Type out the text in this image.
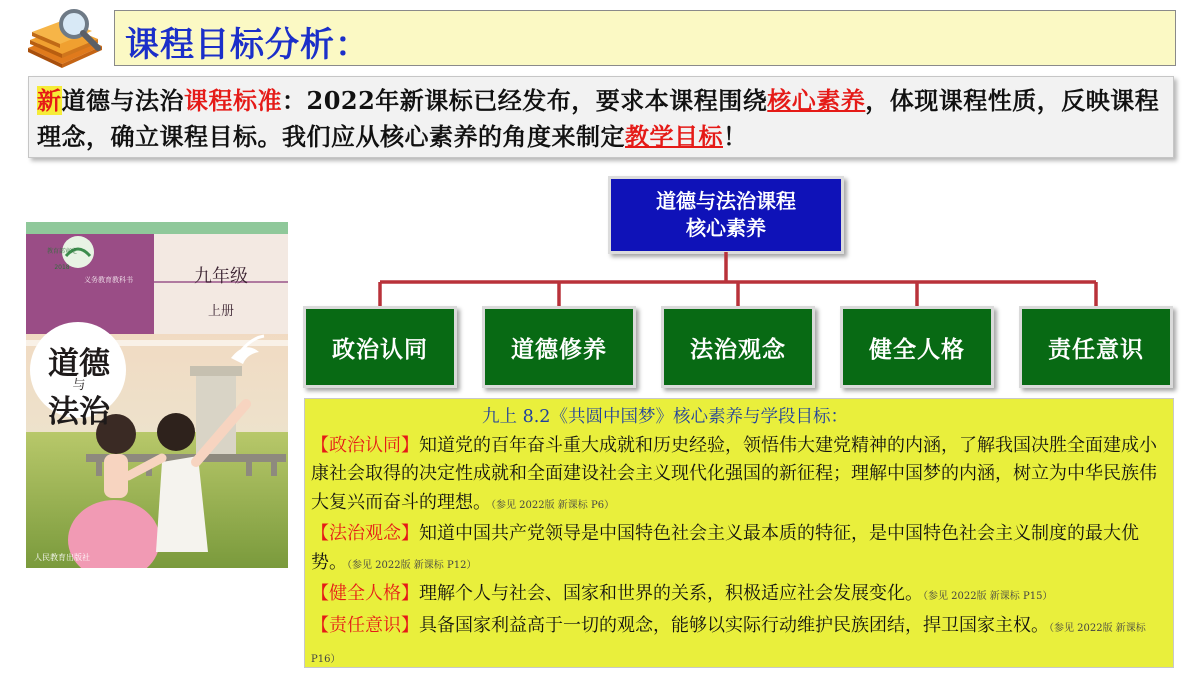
课程目标分析：
新道德与法治课程标准：2022年新课标已经发布，要求本课程围绕核心素养，体现课程性质，反映课程理念，确立课程目标。我们应从核心素养的角度来制定教学目标！
义务教育教科书
教育部审定
2018	九年级
上册
道德
与
法治
人民教育出版社
道德与法治课程
核心素养
政治认同	道德修养	法治观念	健全人格	责任意识
九上 8.2《共圆中国梦》核心素养与学段目标：
【政治认同】知道党的百年奋斗重大成就和历史经验，领悟伟大建党精神的内涵，了解我国决胜全面建成小康社会取得的决定性成就和全面建设社会主义现代化强国的新征程；理解中国梦的内涵，树立为中华民族伟大复兴而奋斗的理想。（参见 2022版 新课标 P6）
【法治观念】知道中国共产党领导是中国特色社会主义最本质的特征，是中国特色社会主义制度的最大优势。（参见 2022版 新课标 P12）
【健全人格】理解个人与社会、国家和世界的关系，积极适应社会发展变化。（参见 2022版 新课标 P15）
【责任意识】具备国家利益高于一切的观念，能够以实际行动维护民族团结，捍卫国家主权。（参见 2022版 新课标 P16）
